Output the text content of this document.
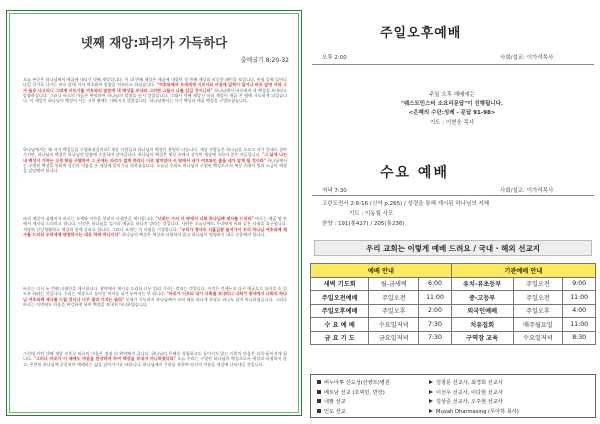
넷째 재앙:파리가 가득하다
출애굽기 8:20-32
오늘 본문은 하나님께서 애굽에 내리신 넷째 재앙입니다. 이 네 번째 재앙은 애굽에 내렸던 첫 번째 재앙과 비슷한 패턴을 보입니다. 아침 일찍 일어나 나일 강가로 나가는 바로 앞에 서서 여호와의 말씀을 전하라고 하셨습니다. "여호와께서 모세에게 이르시되 아침에 일찍이 일어나 바로 앞에 서라 그가 물로 나오리니 그에게 이르기를 여호와의 말씀에 내 백성을 보내라 그러면 그들이 나를 섬길 것이니라" 하나님께서 바로에게 내 백성을 보내라고 말씀하십니다. 그러나 바로의 마음은 완악하여 하나님의 말씀을 듣지 않았습니다. 그래서 넷째 재앙인 파리 재앙이 애굽 온 땅에 가득하게 되었습니다. 이 재앙은 하나님의 백성이 사는 고센 땅에는 내려지지 않았습니다. 하나님께서는 자기 백성과 애굽 백성을 구별하셨습니다.
하나님께서는 왜 자기 백성들을 구별하셨을까요? 세상 사람들과 하나님의 백성은 분명히 다릅니다. 세상 사람들은 하나님을 모르고 자기 뜻대로 살아가지만, 하나님의 백성은 하나님의 말씀에 순종하며 살아갑니다. 하나님의 백성은 세상 속에서 살지만 세상에 속하지 않은 자들입니다. "그 날에 나는 내 백성이 거하는 고센 땅을 구별하여 그 곳에는 파리가 없게 하리니 이로 말미암아 이 땅에서 내가 여호와인 줄을 네가 알게 될 것이라" 하나님께서는 구별된 백성을 통하여 당신의 이름을 온 세상에 알리기를 원하셨습니다. 오늘날 우리도 하나님의 구별된 백성으로서 세상 속에서 빛과 소금의 역할을 감당해야 합니다.
파리 재앙이 심해지자 바로는 모세와 아론을 불러서 타협안을 제시합니다. "너희는 가서 이 땅에서 너희 하나님께 제사를 드리라" 바로는 애굽 땅 안에서 제사를 드리라고 합니다. 이것은 하나님을 섬기되 애굽을 떠나지 말라는 것입니다. 사탄은 오늘날에도 우리에게 이와 같은 타협을 요구합니다. 적당히 신앙생활하고 세상과 함께 살라고 합니다. 그러나 모세는 이 타협을 거절합니다. "우리가 광야로 사흘길쯤 들어가서 우리 하나님 여호와께 제사를 드리되 우리에게 명령하시는 대로 하려 하나이다" 하나님의 백성은 세상과 타협하지 않고 하나님이 명령하신 대로 순종해야 합니다.
바로는 다시 두 번째 타협안을 제시합니다. 광야에서 제사를 드리되 너무 멀리 가지는 말라는 것입니다. 이것은 언제든지 다시 애굽으로 돌아올 수 있도록 하려는 것입니다. 우리는 세상으로 돌아갈 여지를 남겨 두어서는 안 됩니다. "바로가 이르되 내가 너희를 보내리니 너희가 광야에서 너희의 하나님 여호와께 제사를 드릴 것이나 너무 멀리 가지는 말라" 모세가 기도하자 하나님께서 파리 떼를 떠나게 하셨고 하나도 남지 아니하였습니다. 그러나 바로는 이번에도 마음을 완강하게 하여 백성을 보내지 아니하였습니다.
그런데 이번 넷째 재앙 이후로 바로의 마음은 점점 더 완악해져 갑니다. 하나님의 은혜를 경험하고도 돌이키지 않는 사람의 마음은 더욱 굳어지게 됩니다. "그러나 바로가 이 때에도 마음을 완강하게 하여 백성을 보내지 아니하였더라" 오늘 우리는 구별된 하나님의 백성으로서 세상과 타협하지 않고, 온전히 하나님께 순종하며 예배하는 삶을 살아가기를 바랍니다. 하나님께서 우리를 통하여 당신의 이름을 세상에 나타내실 것입니다.
주일오후예배
오후 2:00	사회/설교: 이가석목사
주일 오후 예배에는
"웨스트민스터 소요리문답"이 진행됩니다.
<은혜의 수단:성례 - 문답 91-98>
기도 : 이현웅 목사
수요 예배
저녁 7:30	사회/설교: 이가석목사
고린도전서 2:6-16 (신약 p.265) / 성령을 통해 계시된 하나님의 지혜
기도 : 이동월 사모
찬양 : 191(통427) / 205(통236)
우리 교회는 이렇게 예배 드려요 / 국내 · 해외 선교지
예배 안내			기관예배 안내		
새벽 기도회	월-금새벽	6:00	유치·유초등부	주일오전	9:00
주일오전예배	주일오전	11:00	중·고등부	주일오전	11:00
주일오후예배	주일오후	2:00	외국인예배	주일오후	4:00
수 요 예 배	수요일저녁	7:30	치유집회	매주월요일	11:00
금 요 기 도	금요일저녁	7:30	구역장 교육	수요일저녁	8:30
버누아투 산도성(산쌍트)병원
베트남 선교 (호찌민, 반장)
네팔 선교
인도 선교
김창문 선교사, 최경희 선교사
이선우 선교사, 이다현 선교사
김상준 선교사, 오주현 선교사
Muvah Dharmasing (무아하 목사)
